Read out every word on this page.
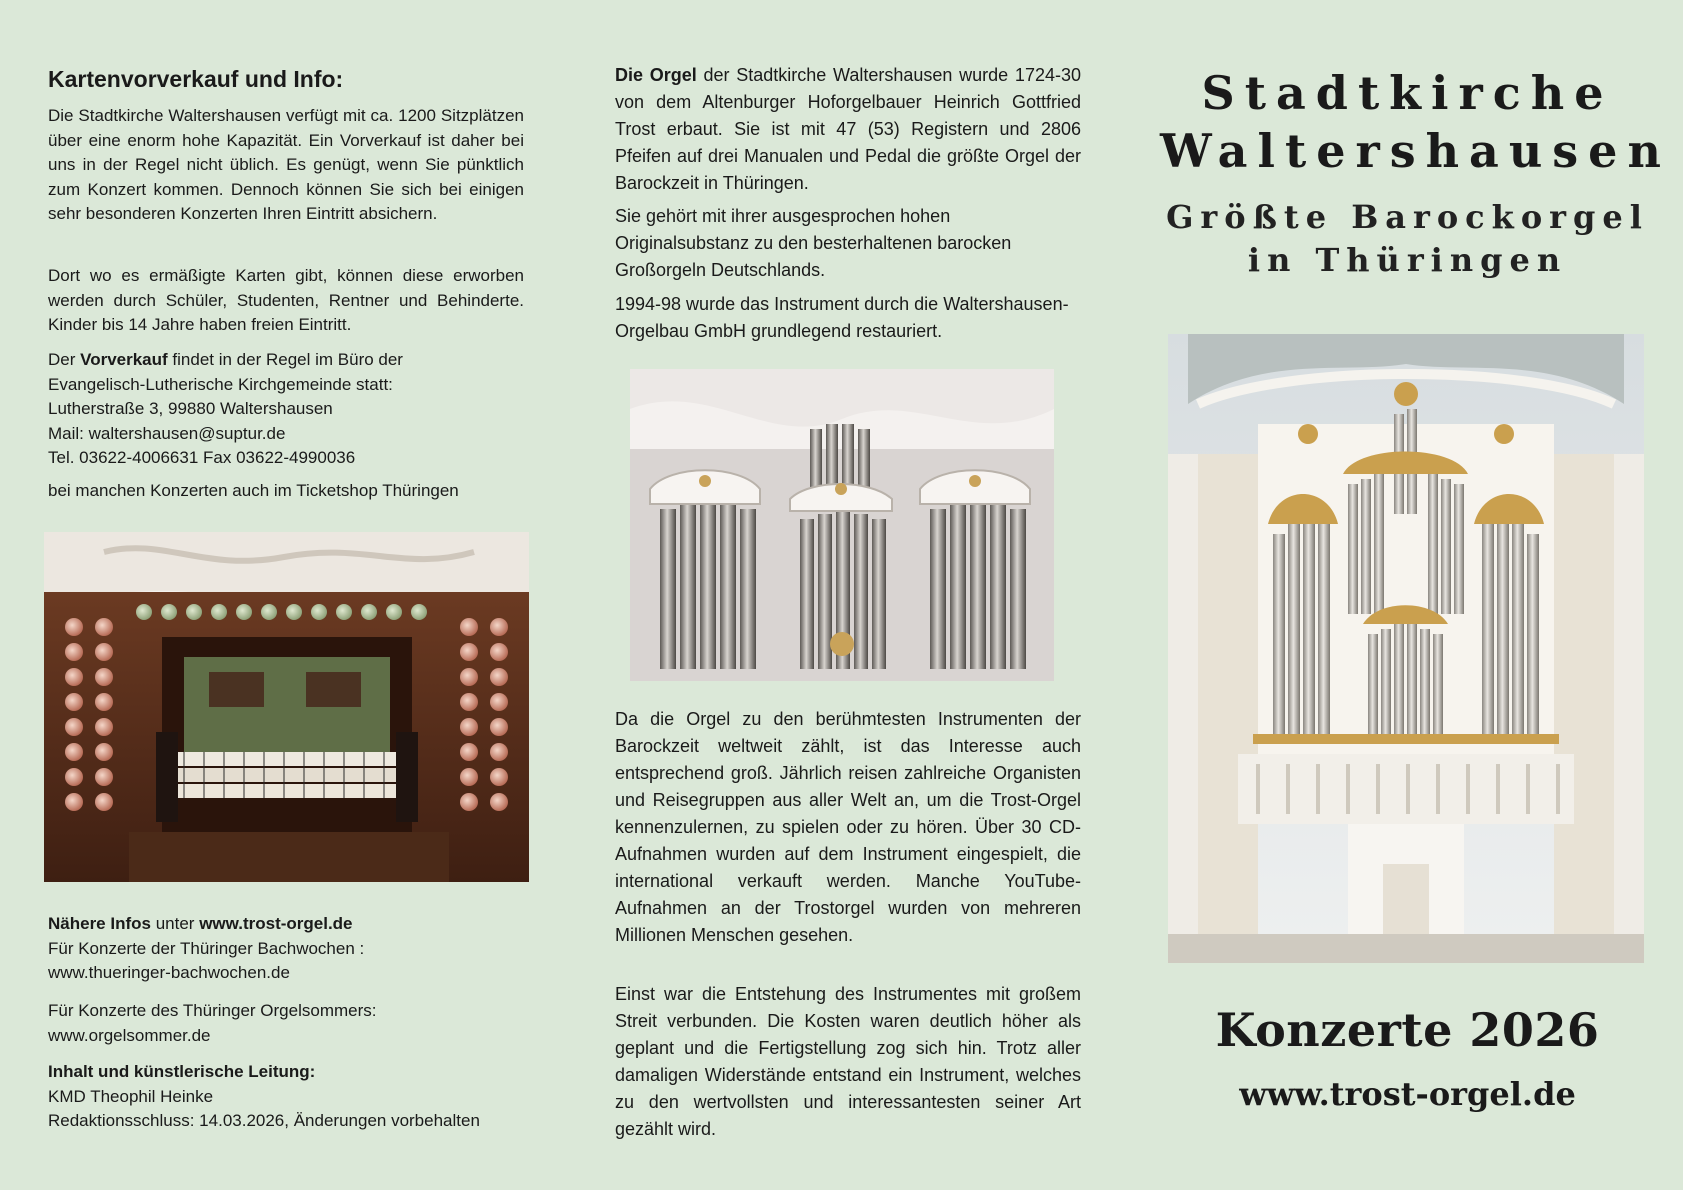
Kartenvorverkauf und Info:

Die Stadtkirche Waltershausen verfügt mit ca. 1200 Sitzplätzen über eine enorm hohe Kapazität. Ein Vorverkauf ist daher bei uns in der Regel nicht üblich. Es genügt, wenn Sie pünktlich zum Konzert kommen. Dennoch können Sie sich bei einigen sehr besonderen Konzerten Ihren Eintritt absichern.

Dort wo es ermäßigte Karten gibt, können diese erworben werden durch Schüler, Studenten, Rentner und Behinderte. Kinder bis 14 Jahre haben freien Eintritt.

Der Vorverkauf findet in der Regel im Büro der
Evangelisch-Lutherische Kirchgemeinde statt:
Lutherstraße 3, 99880 Waltershausen
Mail: waltershausen@suptur.de
Tel. 03622-4006631 Fax 03622-4990036

bei manchen Konzerten auch im Ticketshop Thüringen

Nähere Infos unter www.trost-orgel.de
Für Konzerte der Thüringer Bachwochen :
www.thueringer-bachwochen.de
Für Konzerte des Thüringer Orgelsommers:
www.orgelsommer.de
Inhalt und künstlerische Leitung:
KMD Theophil Heinke
Redaktionsschluss: 14.03.2026, Änderungen vorbehalten

Die Orgel der Stadtkirche Waltershausen wurde 1724-30 von dem Altenburger Hoforgelbauer Heinrich Gottfried Trost erbaut. Sie ist mit 47 (53) Registern und 2806 Pfeifen auf drei Manualen und Pedal die größte Orgel der Barockzeit in Thüringen.

Sie gehört mit ihrer ausgesprochen hohen Originalsubstanz zu den besterhaltenen barocken Großorgeln Deutschlands.

1994-98 wurde das Instrument durch die Waltershausen-Orgelbau GmbH grundlegend restauriert.

Da die Orgel zu den berühmtesten Instrumenten der Barockzeit weltweit zählt, ist das Interesse auch entsprechend groß. Jährlich reisen zahlreiche Organisten und Reisegruppen aus aller Welt an, um die Trost-Orgel kennenzulernen, zu spielen oder zu hören. Über 30 CD-Aufnahmen wurden auf dem Instrument eingespielt, die international verkauft werden. Manche YouTube-Aufnahmen an der Trostorgel wurden von mehreren Millionen Menschen gesehen.

Einst war die Entstehung des Instrumentes mit großem Streit verbunden. Die Kosten waren deutlich höher als geplant und die Fertigstellung zog sich hin. Trotz aller damaligen Widerstände entstand ein Instrument, welches zu den wertvollsten und interessantesten seiner Art gezählt wird.

Stadtkirche
Waltershausen
Größte Barockorgel
in Thüringen
Konzerte 2026
www.trost-orgel.de
